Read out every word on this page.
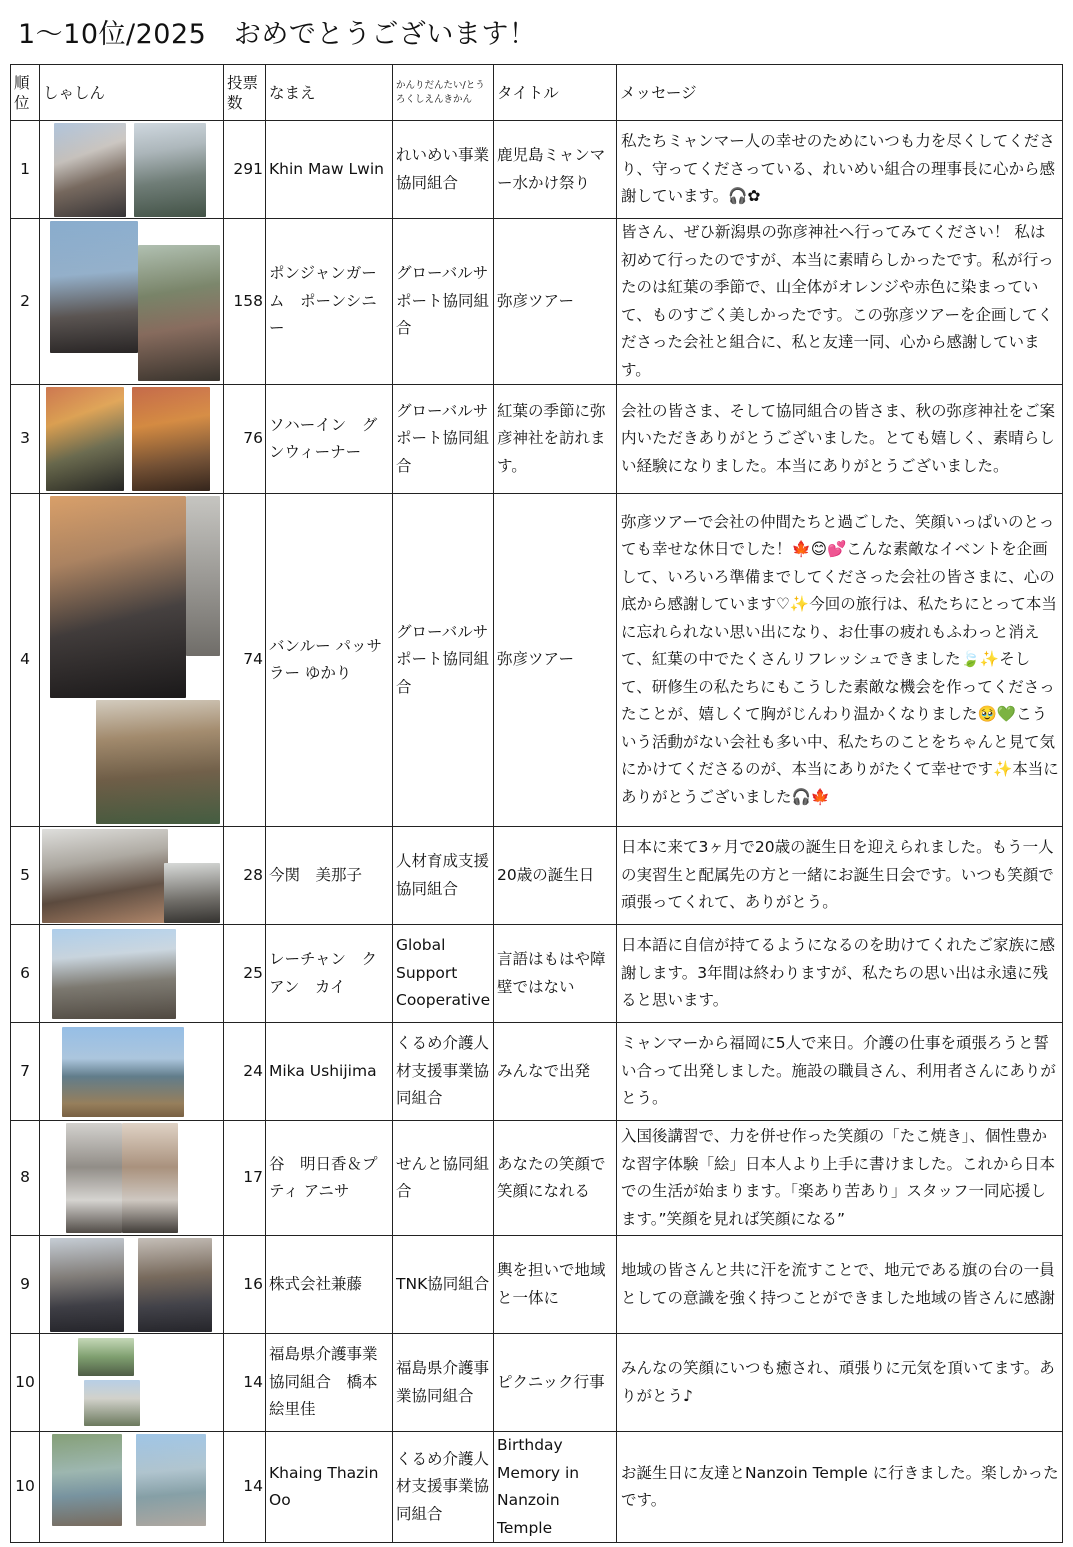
1〜10位/2025　おめでとうございます！
順位	しゃしん	投票数	なまえ	かんりだんたい/とうろくしえんきかん	タイトル	メッセージ
1		291	Khin Maw Lwin	れいめい事業協同組合	鹿児島ミャンマー水かけ祭り	私たちミャンマー人の幸せのためにいつも力を尽くしてくださり、守ってくださっている、れいめい組合の理事長に心から感謝しています。🎧✿
2		158	ポンジャンガーム　ポーンシニー	グローバルサポート協同組合	弥彦ツアー	皆さん、ぜひ新潟県の弥彦神社へ行ってみてください！ 私は初めて行ったのですが、本当に素晴らしかったです。私が行ったのは紅葉の季節で、山全体がオレンジや赤色に染まっていて、ものすごく美しかったです。この弥彦ツアーを企画してくださった会社と組合に、私と友達一同、心から感謝しています。
3		76	ソハーイン　グンウィーナー	グローバルサポート協同組合	紅葉の季節に弥彦神社を訪れます。	会社の皆さま、そして協同組合の皆さま、秋の弥彦神社をご案内いただきありがとうございました。とても嬉しく、素晴らしい経験になりました。本当にありがとうございました。
4		74	バンルー パッサラー ゆかり	グローバルサポート協同組合	弥彦ツアー	弥彦ツアーで会社の仲間たちと過ごした、笑顔いっぱいのとっても幸せな休日でした！🍁😊💕こんな素敵なイベントを企画して、いろいろ準備までしてくださった会社の皆さまに、心の底から感謝しています♡✨今回の旅行は、私たちにとって本当に忘れられない思い出になり、お仕事の疲れもふわっと消えて、紅葉の中でたくさんリフレッシュできました🍃✨そして、研修生の私たちにもこうした素敵な機会を作ってくださったことが、嬉しくて胸がじんわり温かくなりました🥹💚こういう活動がない会社も多い中、私たちのことをちゃんと見て気にかけてくださるのが、本当にありがたくて幸せです✨本当にありがとうございました🎧🍁
5		28	今関　美那子	人材育成支援協同組合	20歳の誕生日	日本に来て3ヶ月で20歳の誕生日を迎えられました。もう一人の実習生と配属先の方と一緒にお誕生日会です。いつも笑顔で頑張ってくれて、ありがとう。
6		25	レーチャン　クアン　カイ	Global Support Cooperative	言語はもはや障壁ではない	日本語に自信が持てるようになるのを助けてくれたご家族に感謝します。3年間は終わりますが、私たちの思い出は永遠に残ると思います。
7		24	Mika Ushijima	くるめ介護人材支援事業協同組合	みんなで出発	ミャンマーから福岡に5人で来日。介護の仕事を頑張ろうと誓い合って出発しました。施設の職員さん、利用者さんにありがとう。
8		17	谷　明日香＆プティ アニサ	せんと協同組合	あなたの笑顔で笑顔になれる	入国後講習で、力を併せ作った笑顔の「たこ焼き」、個性豊かな習字体験「絵」日本人より上手に書けました。これから日本での生活が始まります。「楽あり苦あり」スタッフ一同応援します。”笑顔を見れば笑顔になる”
9		16	株式会社兼藤	TNK協同組合	輿を担いで地域と一体に	地域の皆さんと共に汗を流すことで、地元である旗の台の一員としての意識を強く持つことができました地域の皆さんに感謝
10		14	福島県介護事業協同組合　橋本絵里佳	福島県介護事業協同組合	ピクニック行事	みんなの笑顔にいつも癒され、頑張りに元気を頂いてます。ありがとう♪
10		14	Khaing Thazin Oo	くるめ介護人材支援事業協同組合	Birthday Memory in Nanzoin Temple	お誕生日に友達とNanzoin Temple に行きました。楽しかったです。
